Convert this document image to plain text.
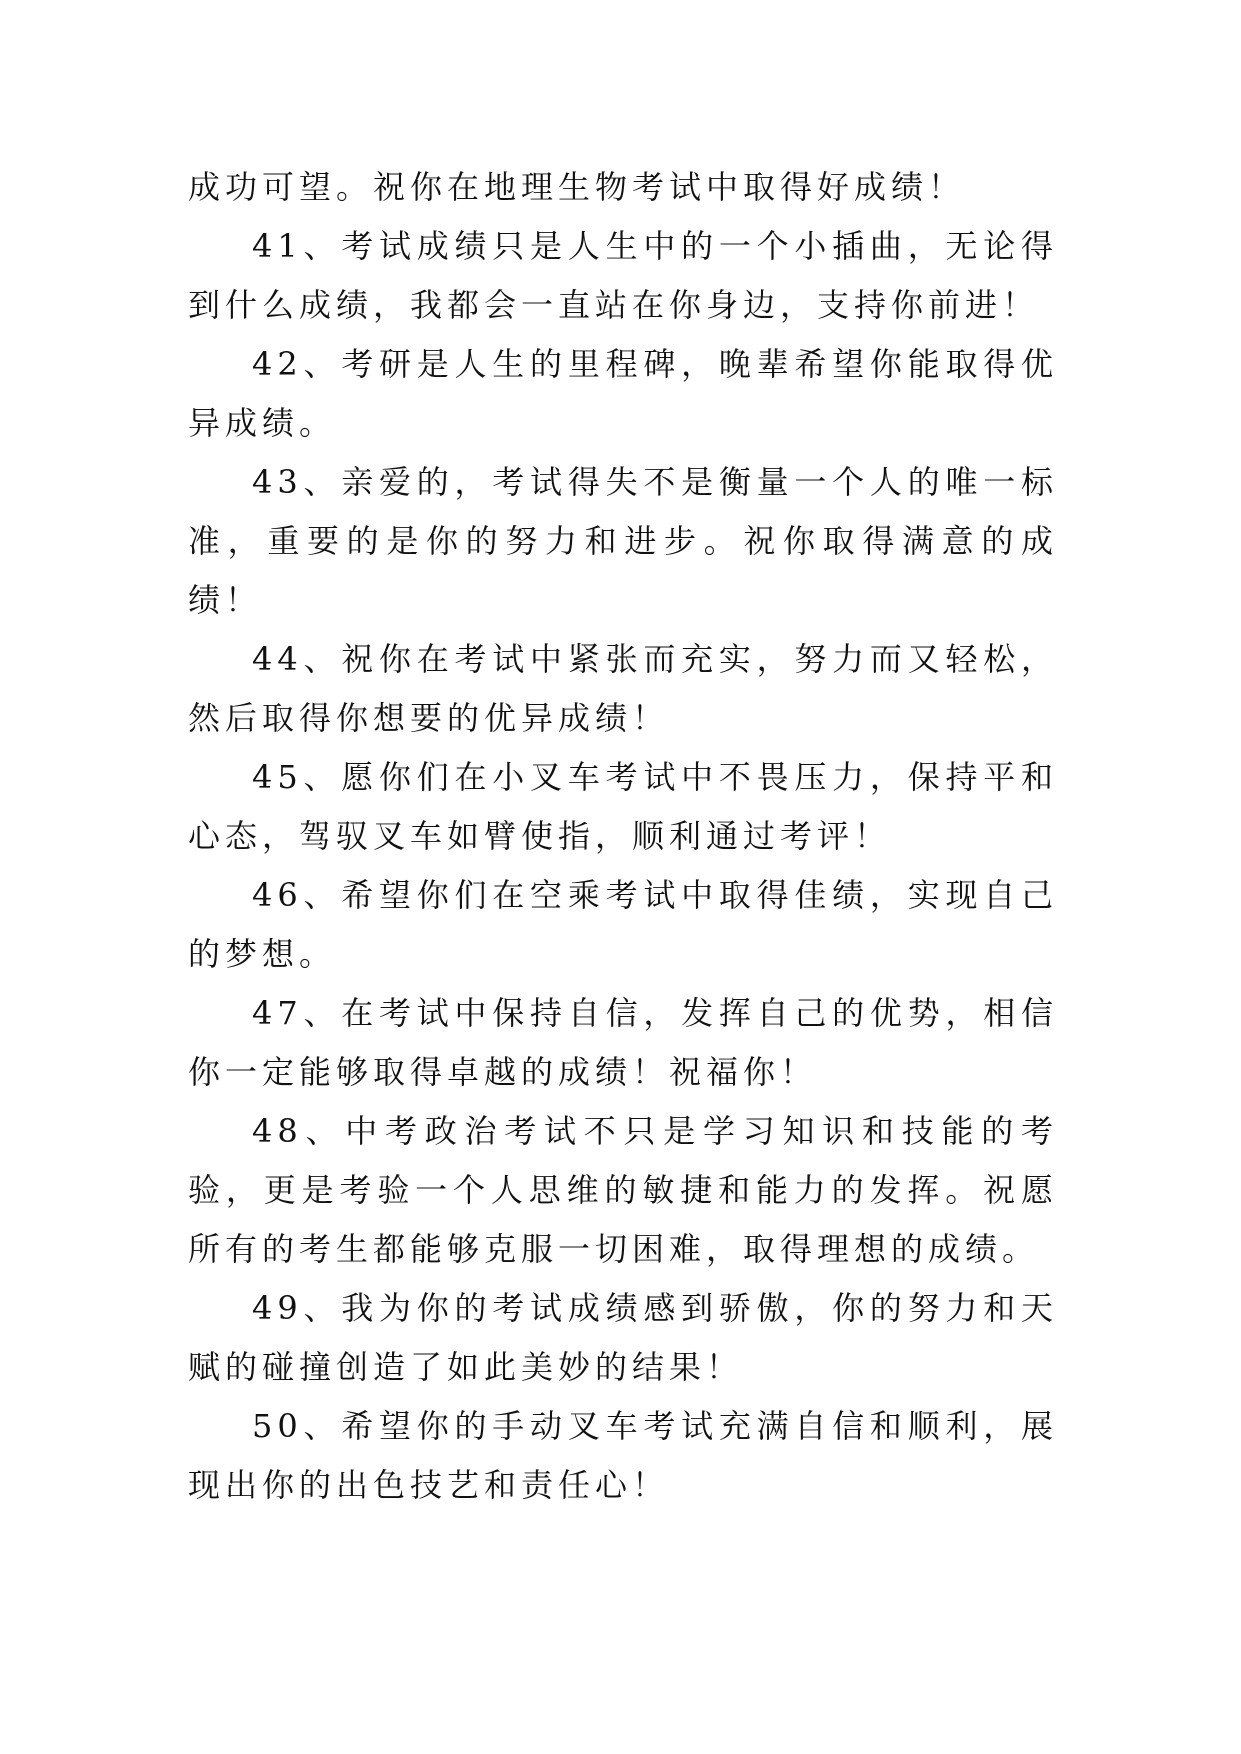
成功可望。祝你在地理生物考试中取得好成绩！

41、考试成绩只是人生中的一个小插曲，无论得到什么成绩，我都会一直站在你身边，支持你前进！

42、考研是人生的里程碑，晚辈希望你能取得优异成绩。

43、亲爱的，考试得失不是衡量一个人的唯一标准，重要的是你的努力和进步。祝你取得满意的成绩！

44、祝你在考试中紧张而充实，努力而又轻松，然后取得你想要的优异成绩！

45、愿你们在小叉车考试中不畏压力，保持平和心态，驾驭叉车如臂使指，顺利通过考评！

46、希望你们在空乘考试中取得佳绩，实现自己的梦想。

47、在考试中保持自信，发挥自己的优势，相信你一定能够取得卓越的成绩！祝福你！

48、中考政治考试不只是学习知识和技能的考验，更是考验一个人思维的敏捷和能力的发挥。祝愿所有的考生都能够克服一切困难，取得理想的成绩。

49、我为你的考试成绩感到骄傲，你的努力和天赋的碰撞创造了如此美妙的结果！

50、希望你的手动叉车考试充满自信和顺利，展现出你的出色技艺和责任心！
